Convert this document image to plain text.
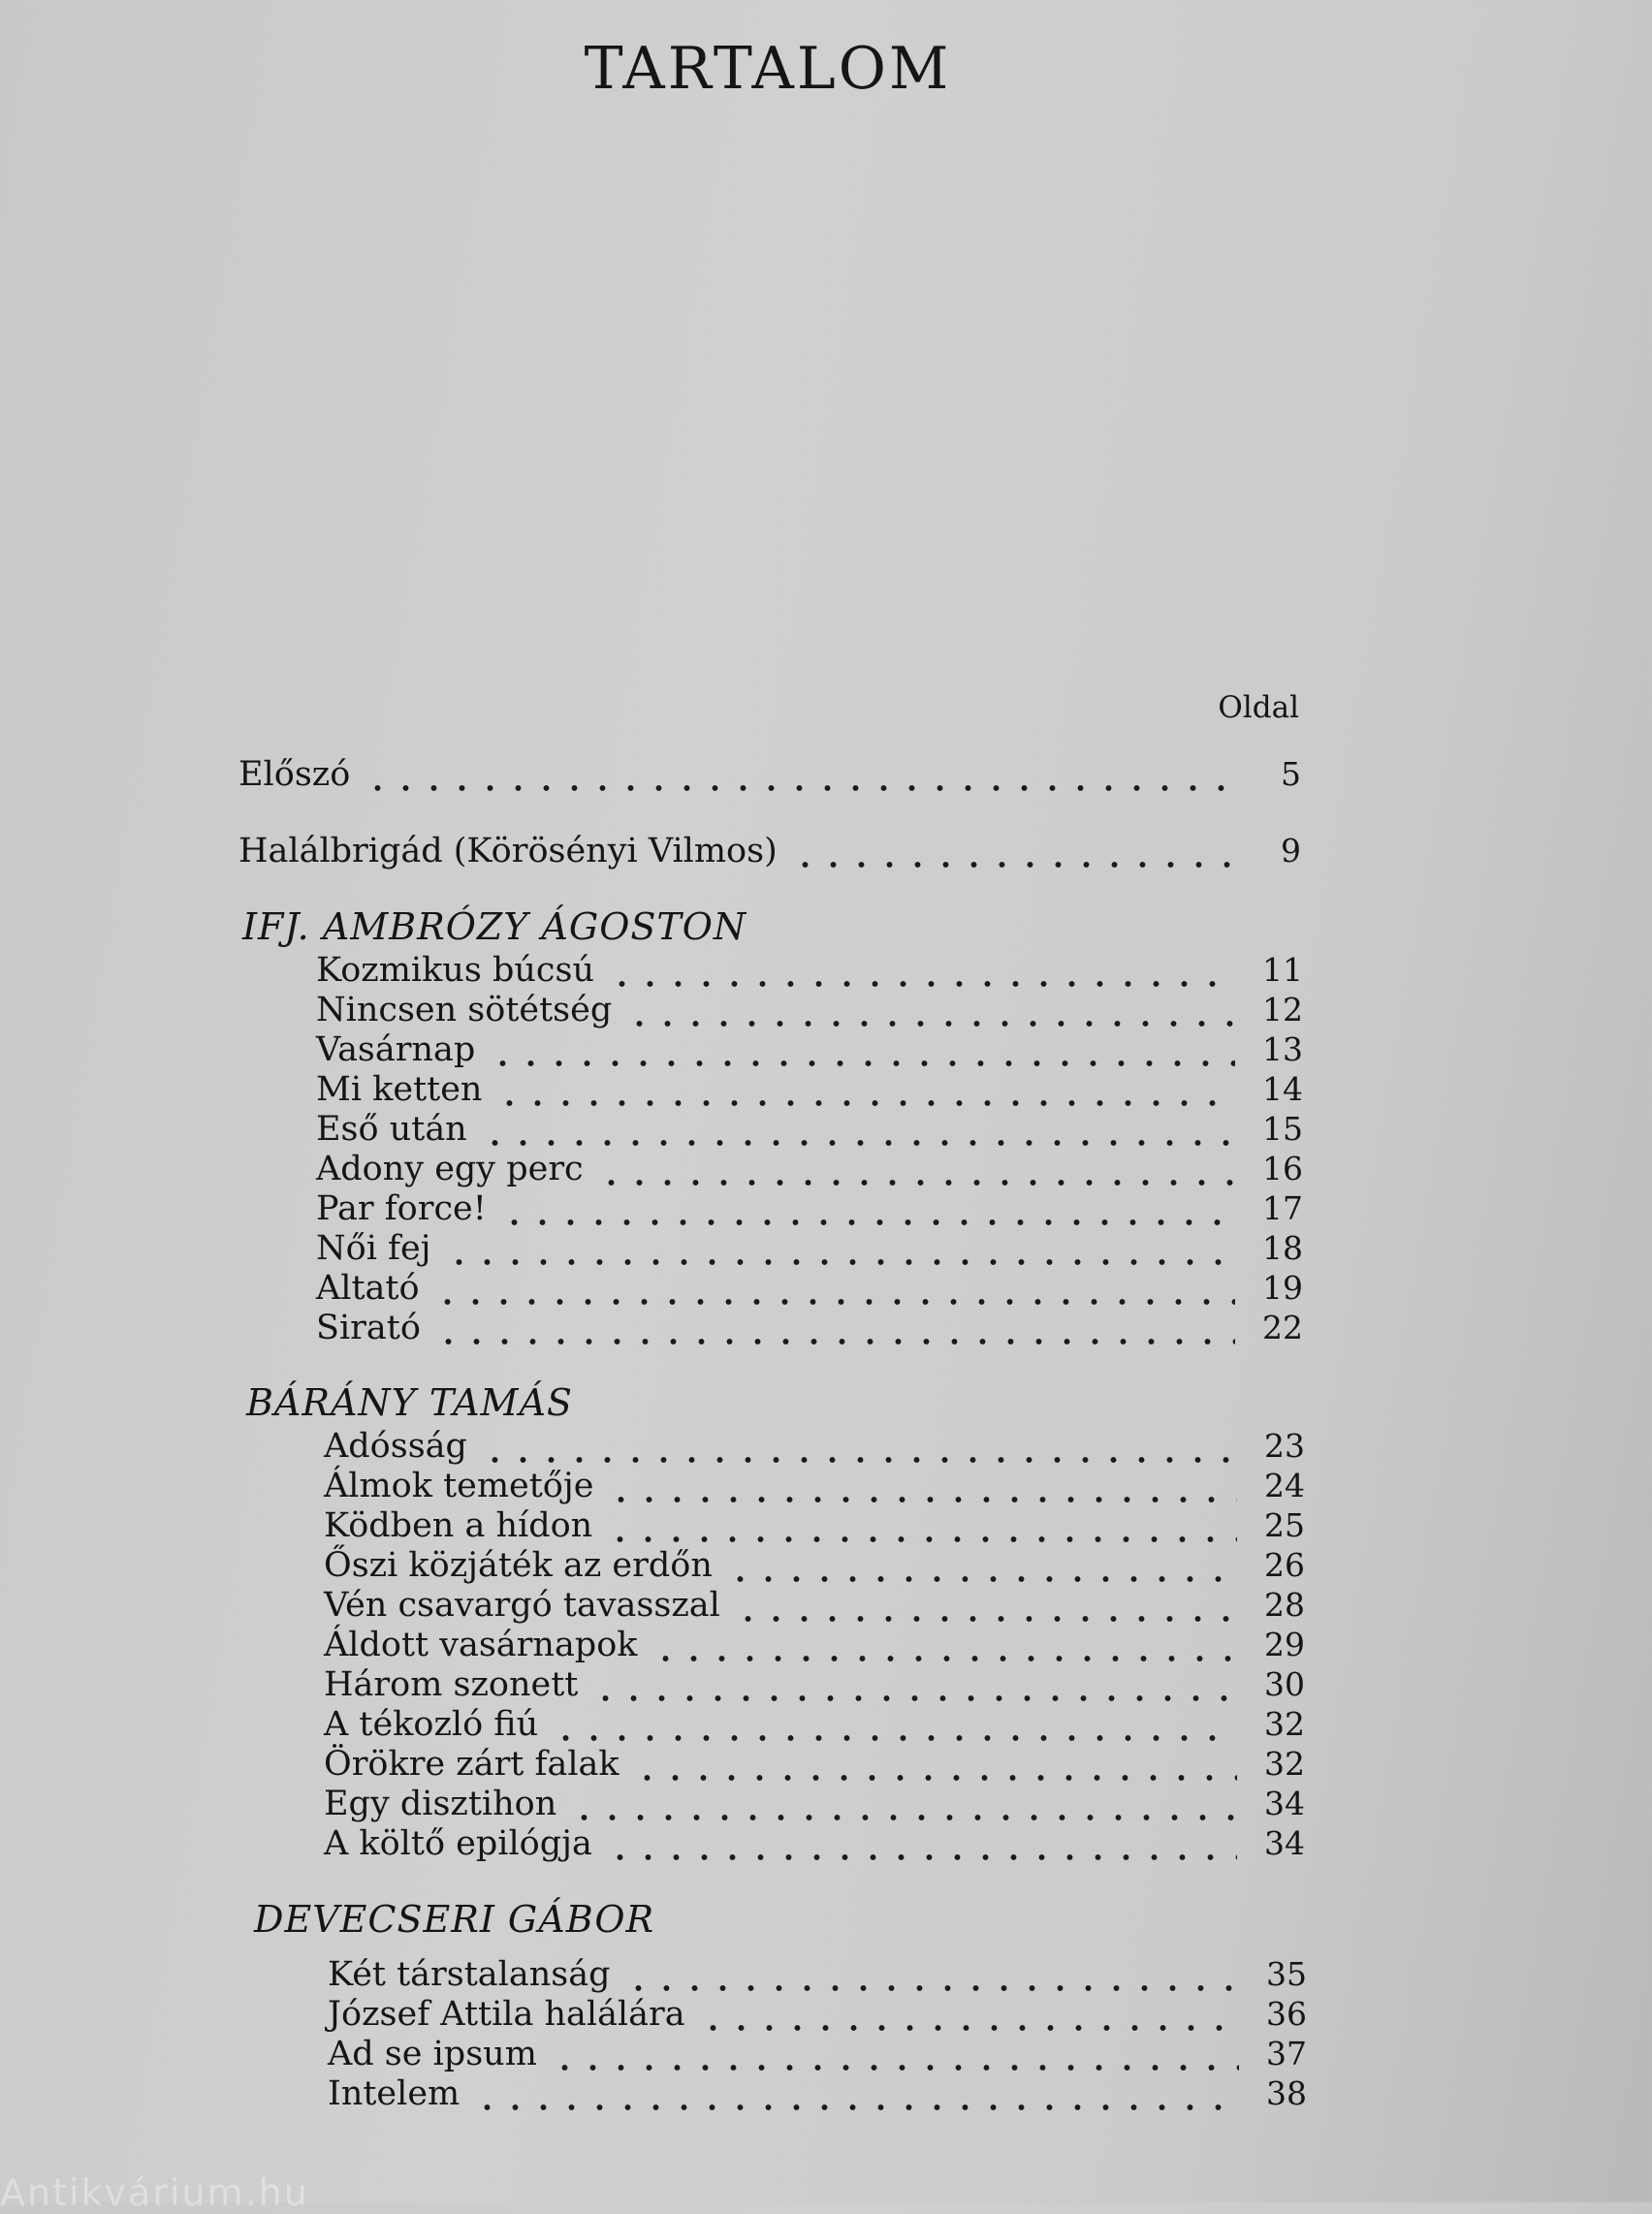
TARTALOM
Oldal
Előszó	5
Halálbrigád (Körösényi Vilmos)	9
IFJ. AMBRÓZY ÁGOSTON
Kozmikus búcsú	11
Nincsen sötétség	12
Vasárnap	13
Mi ketten	14
Eső után	15
Adony egy perc	16
Par force!	17
Női fej	18
Altató	19
Sirató	22
BÁRÁNY TAMÁS
Adósság	23
Álmok temetője	24
Ködben a hídon	25
Őszi közjáték az erdőn	26
Vén csavargó tavasszal	28
Áldott vasárnapok	29
Három szonett	30
A tékozló fiú	32
Örökre zárt falak	32
Egy disztihon	34
A költő epilógja	34
DEVECSERI GÁBOR
Két társtalanság	35
József Attila halálára	36
Ad se ipsum	37
Intelem	38
Antikvárium.hu
